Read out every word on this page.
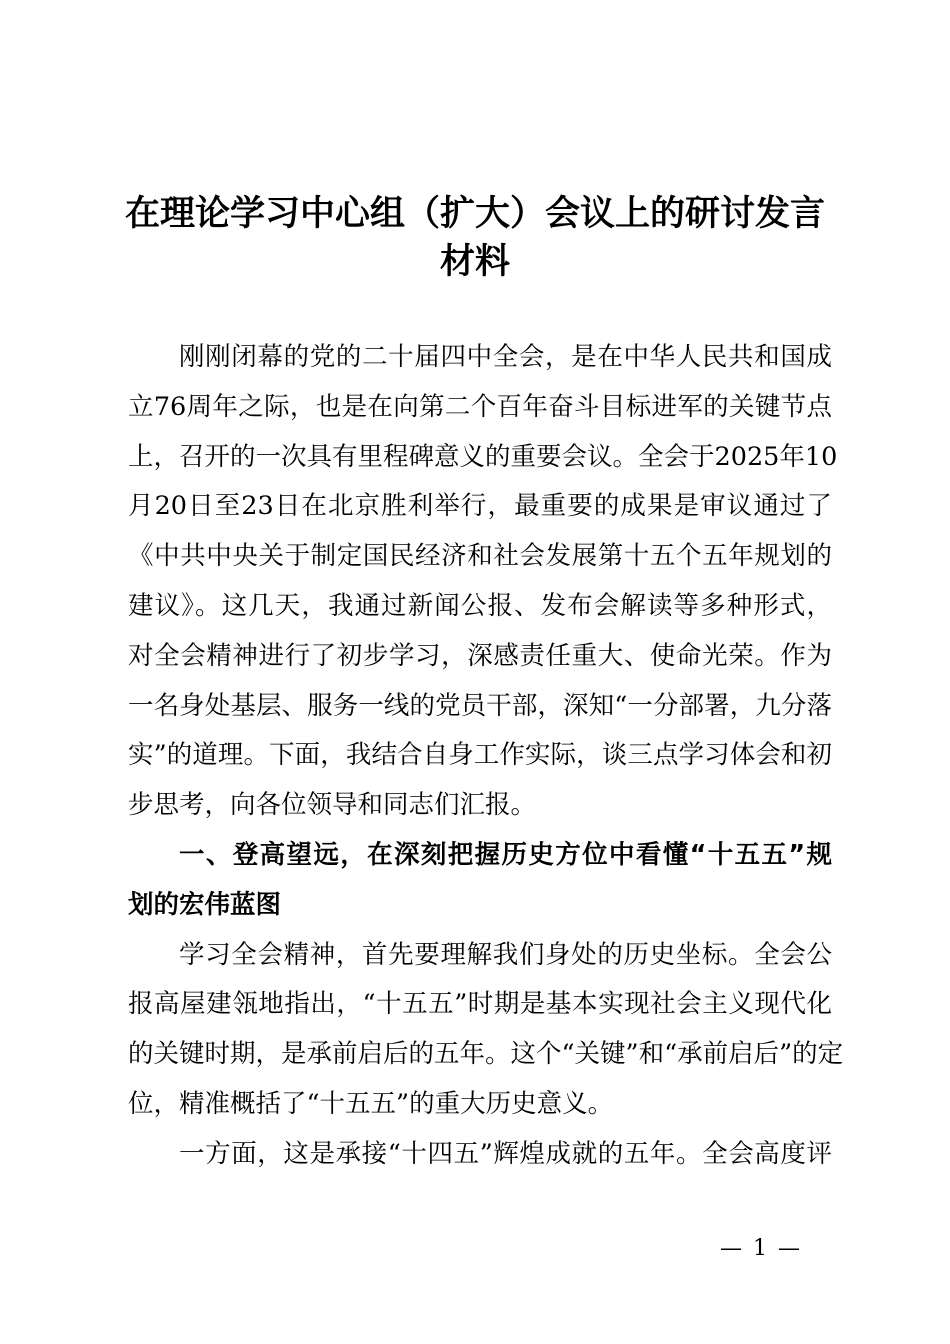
在理论学习中心组（扩大）会议上的研讨发言
材料
刚刚闭幕的党的二十届四中全会，是在中华人民共和国成
立76周年之际，也是在向第二个百年奋斗目标进军的关键节点
上，召开的一次具有里程碑意义的重要会议。全会于2025年10
月20日至23日在北京胜利举行，最重要的成果是审议通过了
《中共中央关于制定国民经济和社会发展第十五个五年规划的
建议》。这几天，我通过新闻公报、发布会解读等多种形式，
对全会精神进行了初步学习，深感责任重大、使命光荣。作为
一名身处基层、服务一线的党员干部，深知“一分部署，九分落
实”的道理。下面，我结合自身工作实际，谈三点学习体会和初
步思考，向各位领导和同志们汇报。
一、登高望远，在深刻把握历史方位中看懂“十五五”规
划的宏伟蓝图
学习全会精神，首先要理解我们身处的历史坐标。全会公
报高屋建瓴地指出，“十五五”时期是基本实现社会主义现代化
的关键时期，是承前启后的五年。这个“关键”和“承前启后”的定
位，精准概括了“十五五”的重大历史意义。
一方面，这是承接“十四五”辉煌成就的五年。全会高度评
— 1 —
